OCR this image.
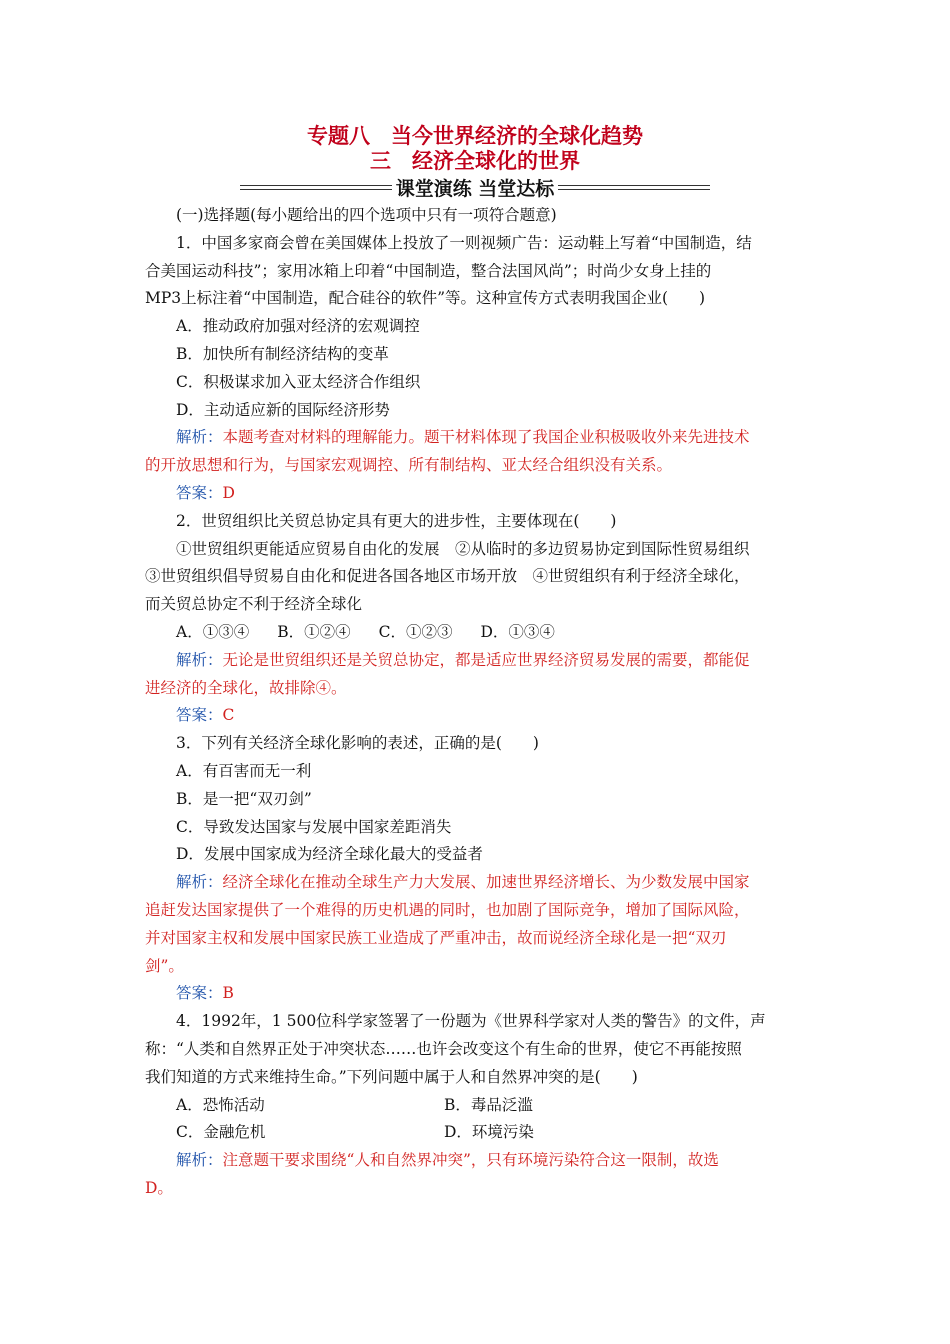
专题八　当今世界经济的全球化趋势
三　经济全球化的世界
课堂演练 当堂达标
(一)选择题(每小题给出的四个选项中只有一项符合题意)
1．中国多家商会曾在美国媒体上投放了一则视频广告：运动鞋上写着“中国制造，结
合美国运动科技”；家用冰箱上印着“中国制造，整合法国风尚”；时尚少女身上挂的
MP3上标注着“中国制造，配合硅谷的软件”等。这种宣传方式表明我国企业(　　)
A．推动政府加强对经济的宏观调控
B．加快所有制经济结构的变革
C．积极谋求加入亚太经济合作组织
D．主动适应新的国际经济形势
解析：本题考查对材料的理解能力。题干材料体现了我国企业积极吸收外来先进技术
的开放思想和行为，与国家宏观调控、所有制结构、亚太经合组织没有关系。
答案：D
2．世贸组织比关贸总协定具有更大的进步性，主要体现在(　　)
①世贸组织更能适应贸易自由化的发展　②从临时的多边贸易协定到国际性贸易组织
③世贸组织倡导贸易自由化和促进各国各地区市场开放　④世贸组织有利于经济全球化，
而关贸总协定不利于经济全球化
A．①③④ B．①②④ C．①②③ D．①③④
解析：无论是世贸组织还是关贸总协定，都是适应世界经济贸易发展的需要，都能促
进经济的全球化，故排除④。
答案：C
3．下列有关经济全球化影响的表述，正确的是(　　)
A．有百害而无一利
B．是一把“双刃剑”
C．导致发达国家与发展中国家差距消失
D．发展中国家成为经济全球化最大的受益者
解析：经济全球化在推动全球生产力大发展、加速世界经济增长、为少数发展中国家
追赶发达国家提供了一个难得的历史机遇的同时，也加剧了国际竞争，增加了国际风险，
并对国家主权和发展中国家民族工业造成了严重冲击，故而说经济全球化是一把“双刃
剑”。
答案：B
4．1992年，1 500位科学家签署了一份题为《世界科学家对人类的警告》的文件，声
称：“人类和自然界正处于冲突状态……也许会改变这个有生命的世界，使它不再能按照
我们知道的方式来维持生命。”下列问题中属于人和自然界冲突的是(　　)
A．恐怖活动	B．毒品泛滥
C．金融危机	D．环境污染
解析：注意题干要求围绕“人和自然界冲突”，只有环境污染符合这一限制，故选
D。
